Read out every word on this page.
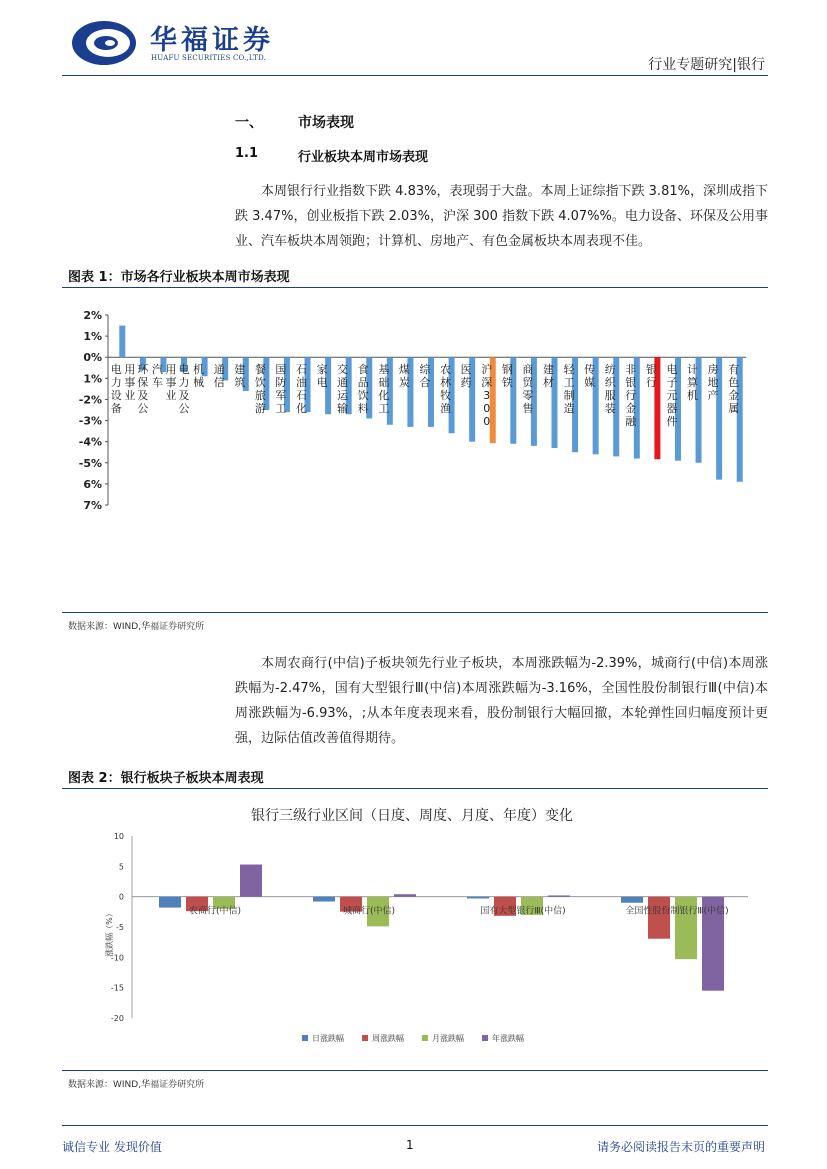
华福证券
HUAFU SECURITIES CO.,LTD.	行业专题研究|银行
一、	市场表现
1.1	行业板块本周市场表现

本周银行行业指数下跌 4.83%，表现弱于大盘。本周上证综指下跌 3.81%，深圳成指下跌 3.47%，创业板指下跌 2.03%，沪深 300 指数下跌 4.07%%。电力设备、环保及公用事业、汽车板块本周领跑；计算机、房地产、有色金属板块本周表现不佳。

图表 1：市场各行业板块本周市场表现
2%
1%
0%
1%
-2%
-3%
-4%
-5%
6%
7%
电力设备
环保及公用事业
汽车
电力及公用事业
机械
通信
建筑
餐饮旅游
国防军工
石油石化
家电
交通运输
食品饮料
基础化工
煤炭
综合
农林牧渔
医药
沪深 3 0 0
钢铁
商贸零售
建材
轻工制造
传媒
纺织服装
非银行金融
银行
电子元器件
计算机
房地产
有色金属
数据来源：WIND,华福证券研究所

本周农商行(中信)子板块领先行业子板块，本周涨跌幅为-2.39%，城商行(中信)本周涨跌幅为-2.47%，国有大型银行Ⅲ(中信)本周涨跌幅为-3.16%，全国性股份制银行Ⅲ(中信)本周涨跌幅为-6.93%，;从本年度表现来看，股份制银行大幅回撤，本轮弹性回归幅度预计更强，边际估值改善值得期待。

图表 2：银行板块子板块本周表现
银行三级行业区间（日度、周度、月度、年度）变化
10
5
0
-5
-10
-15
-20
涨跌幅（%）	农商行(中信)	城商行(中信)	国有大型银行Ⅲ(中信)	全国性股份制银行Ⅲ(中信)
日涨跌幅	周涨跌幅	月涨跌幅	年涨跌幅
数据来源：WIND,华福证券研究所
诚信专业 发现价值	1	请务必阅读报告末页的重要声明
